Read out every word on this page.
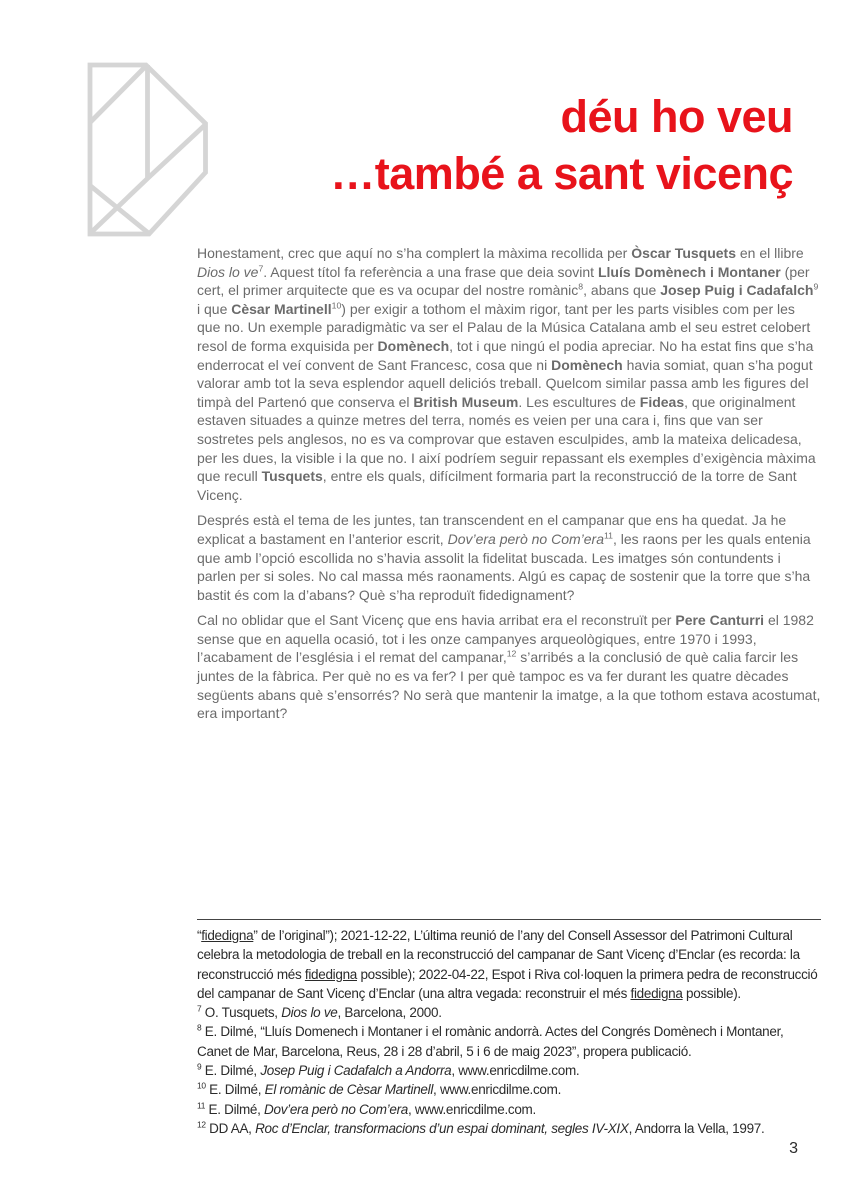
déu ho veu
…també a sant vicenç

Honestament, crec que aquí no s’ha complert la màxima recollida per Òscar Tusquets en el llibre Dios lo $ve^7$. Aquest títol fa referència a una frase que deia sovint Lluís Domènech i Montaner (per cert, el primer arquitecte que es va ocupar del nostre romànic$^8$, abans que Josep Puig i Cadafalch$^9$ i que Cèsar Martinell$^{10}$) per exigir a tothom el màxim rigor, tant per les parts visibles com per les que no. Un exemple paradigmàtic va ser el Palau de la Música Catalana amb el seu estret celobert resol de forma exquisida per Domènech, tot i que ningú el podia apreciar. No ha estat fins que s’ha enderrocat el veí convent de Sant Francesc, cosa que ni Domènech havia somiat, quan s’ha pogut valorar amb tot la seva esplendor aquell deliciós treball. Quelcom similar passa amb les figures del timpà del Partenó que conserva el British Museum. Les escultures de Fideas, que originalment estaven situades a quinze metres del terra, només es veien per una cara i, fins que van ser sostretes pels anglesos, no es va comprovar que estaven esculpides, amb la mateixa delicadesa, per les dues, la visible i la que no. I així podríem seguir repassant els exemples d’exigència màxima que recull Tusquets, entre els quals, difícilment formaria part la reconstrucció de la torre de Sant Vicenç.

Després està el tema de les juntes, tan transcendent en el campanar que ens ha quedat. Ja he explicat a bastament en l’anterior escrit, Dov’era però no Com’era$^{11}$, les raons per les quals entenia que amb l’opció escollida no s’havia assolit la fidelitat buscada. Les imatges són contundents i parlen per si soles. No cal massa més raonaments. Algú es capaç de sostenir que la torre que s’ha bastit és com la d’abans? Què s’ha reproduït fidedignament?

Cal no oblidar que el Sant Vicenç que ens havia arribat era el reconstruït per Pere Canturri el 1982 sense que en aquella ocasió, tot i les onze campanyes arqueològiques, entre 1970 i 1993, l’acabament de l’església i el remat del campanar,$^{12}$ s’arribés a la conclusió de què calia farcir les juntes de la fàbrica. Per què no es va fer? I per què tampoc es va fer durant les quatre dècades següents abans què s’ensorrés? No serà que mantenir la imatge, a la que tothom estava acostumat, era important?

“fidedigna” de l’original”); 2021-12-22, L’última reunió de l’any del Consell Assessor del Patrimoni Cultural celebra la metodologia de treball en la reconstrucció del campanar de Sant Vicenç d’Enclar (es recorda: la reconstrucció més fidedigna possible); 2022-04-22, Espot i Riva col·loquen la primera pedra de reconstrucció del campanar de Sant Vicenç d’Enclar (una altra vegada: reconstruir el més fidedigna possible).

$^7$ O. Tusquets, Dios lo ve, Barcelona, 2000.

$^8$ E. Dilmé, “Lluís Domenech i Montaner i el romànic andorrà. Actes del Congrés Domènech i Montaner, Canet de Mar, Barcelona, Reus, 28 i 28 d’abril, 5 i 6 de maig 2023”, propera publicació.

$^9$ E. Dilmé, Josep Puig i Cadafalch a Andorra, www.enricdilme.com.

$^{10}$ E. Dilmé, El romànic de Cèsar Martinell, www.enricdilme.com.

$^{11}$ E. Dilmé, Dov’era però no Com’era, www.enricdilme.com.

$^{12}$ DD AA, Roc d’Enclar, transformacions d’un espai dominant, segles IV-XIX, Andorra la Vella, 1997.

3
